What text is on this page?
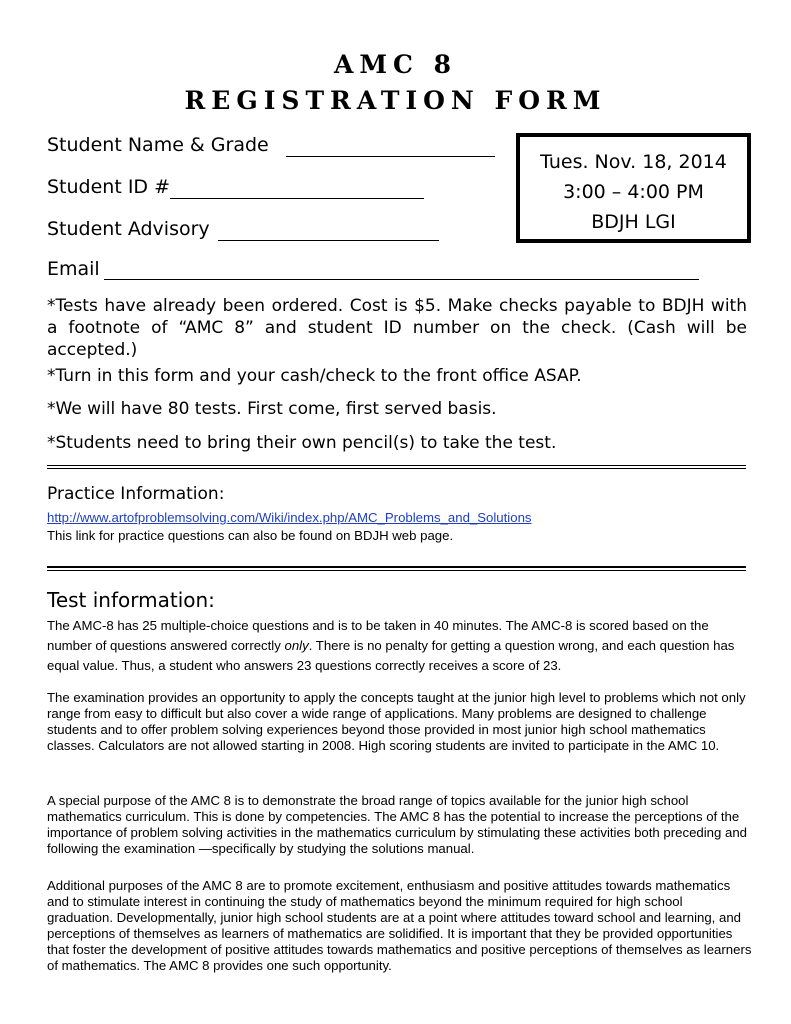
AMC 8
REGISTRATION FORM
Student Name & Grade
Student ID #
Student Advisory
Email
Tues. Nov. 18, 2014
3:00 – 4:00 PM
BDJH LGI
*Tests have already been ordered. Cost is $5. Make checks payable to BDJH with a footnote of “AMC 8” and student ID number on the check. (Cash will be accepted.)
*Turn in this form and your cash/check to the front office ASAP.
*We will have 80 tests. First come, first served basis.
*Students need to bring their own pencil(s) to take the test.
Practice Information:
http://www.artofproblemsolving.com/Wiki/index.php/AMC_Problems_and_Solutions
This link for practice questions can also be found on BDJH web page.
Test information:
The AMC-8 has 25 multiple-choice questions and is to be taken in 40 minutes. The AMC-8 is scored based on the number of questions answered correctly only. There is no penalty for getting a question wrong, and each question has equal value. Thus, a student who answers 23 questions correctly receives a score of 23.
The examination provides an opportunity to apply the concepts taught at the junior high level to problems which not only range from easy to difficult but also cover a wide range of applications. Many problems are designed to challenge students and to offer problem solving experiences beyond those provided in most junior high school mathematics classes. Calculators are not allowed starting in 2008. High scoring students are invited to participate in the AMC 10.
A special purpose of the AMC 8 is to demonstrate the broad range of topics available for the junior high school mathematics curriculum. This is done by competencies. The AMC 8 has the potential to increase the perceptions of the importance of problem solving activities in the mathematics curriculum by stimulating these activities both preceding and following the examination —specifically by studying the solutions manual.
Additional purposes of the AMC 8 are to promote excitement, enthusiasm and positive attitudes towards mathematics and to stimulate interest in continuing the study of mathematics beyond the minimum required for high school graduation. Developmentally, junior high school students are at a point where attitudes toward school and learning, and perceptions of themselves as learners of mathematics are solidified. It is important that they be provided opportunities that foster the development of positive attitudes towards mathematics and positive perceptions of themselves as learners of mathematics. The AMC 8 provides one such opportunity.
